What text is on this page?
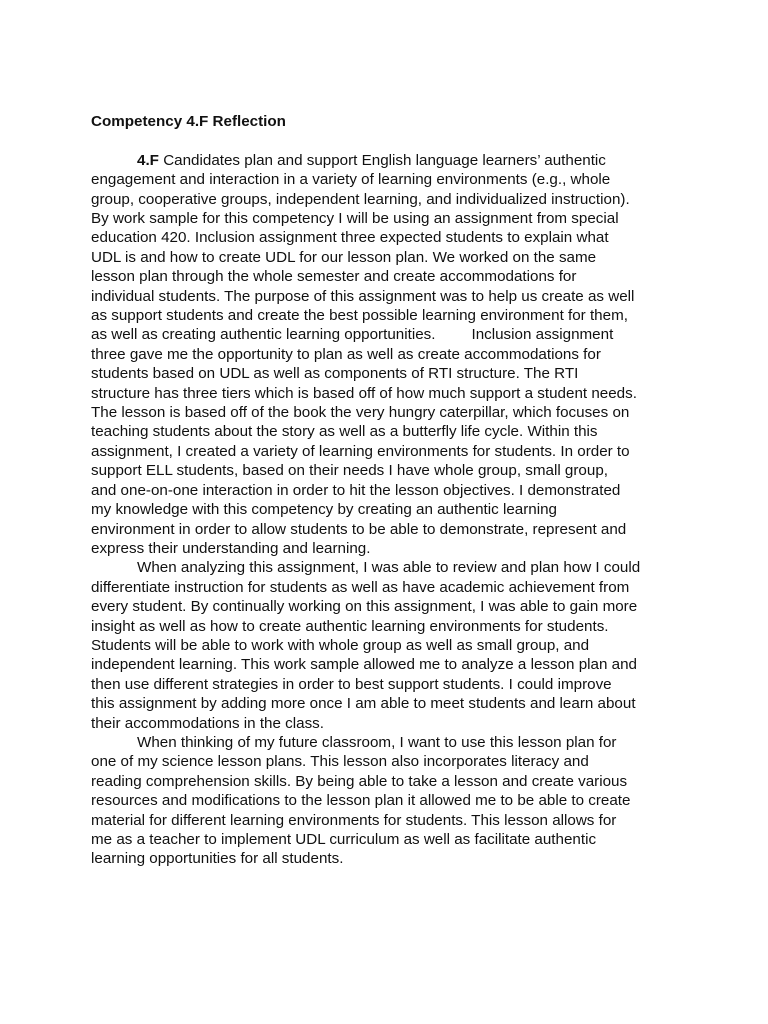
Competency 4.F Reflection
4.F Candidates plan and support English language learners’ authentic
engagement and interaction in a variety of learning environments (e.g., whole
group, cooperative groups, independent learning, and individualized instruction).
By work sample for this competency I will be using an assignment from special
education 420. Inclusion assignment three expected students to explain what
UDL is and how to create UDL for our lesson plan. We worked on the same
lesson plan through the whole semester and create accommodations for
individual students. The purpose of this assignment was to help us create as well
as support students and create the best possible learning environment for them,
as well as creating authentic learning opportunities. Inclusion assignment
three gave me the opportunity to plan as well as create accommodations for
students based on UDL as well as components of RTI structure. The RTI
structure has three tiers which is based off of how much support a student needs.
The lesson is based off of the book the very hungry caterpillar, which focuses on
teaching students about the story as well as a butterfly life cycle. Within this
assignment, I created a variety of learning environments for students. In order to
support ELL students, based on their needs I have whole group, small group,
and one-on-one interaction in order to hit the lesson objectives. I demonstrated
my knowledge with this competency by creating an authentic learning
environment in order to allow students to be able to demonstrate, represent and
express their understanding and learning.
When analyzing this assignment, I was able to review and plan how I could
differentiate instruction for students as well as have academic achievement from
every student. By continually working on this assignment, I was able to gain more
insight as well as how to create authentic learning environments for students.
Students will be able to work with whole group as well as small group, and
independent learning. This work sample allowed me to analyze a lesson plan and
then use different strategies in order to best support students. I could improve
this assignment by adding more once I am able to meet students and learn about
their accommodations in the class.
When thinking of my future classroom, I want to use this lesson plan for
one of my science lesson plans. This lesson also incorporates literacy and
reading comprehension skills. By being able to take a lesson and create various
resources and modifications to the lesson plan it allowed me to be able to create
material for different learning environments for students. This lesson allows for
me as a teacher to implement UDL curriculum as well as facilitate authentic
learning opportunities for all students.
